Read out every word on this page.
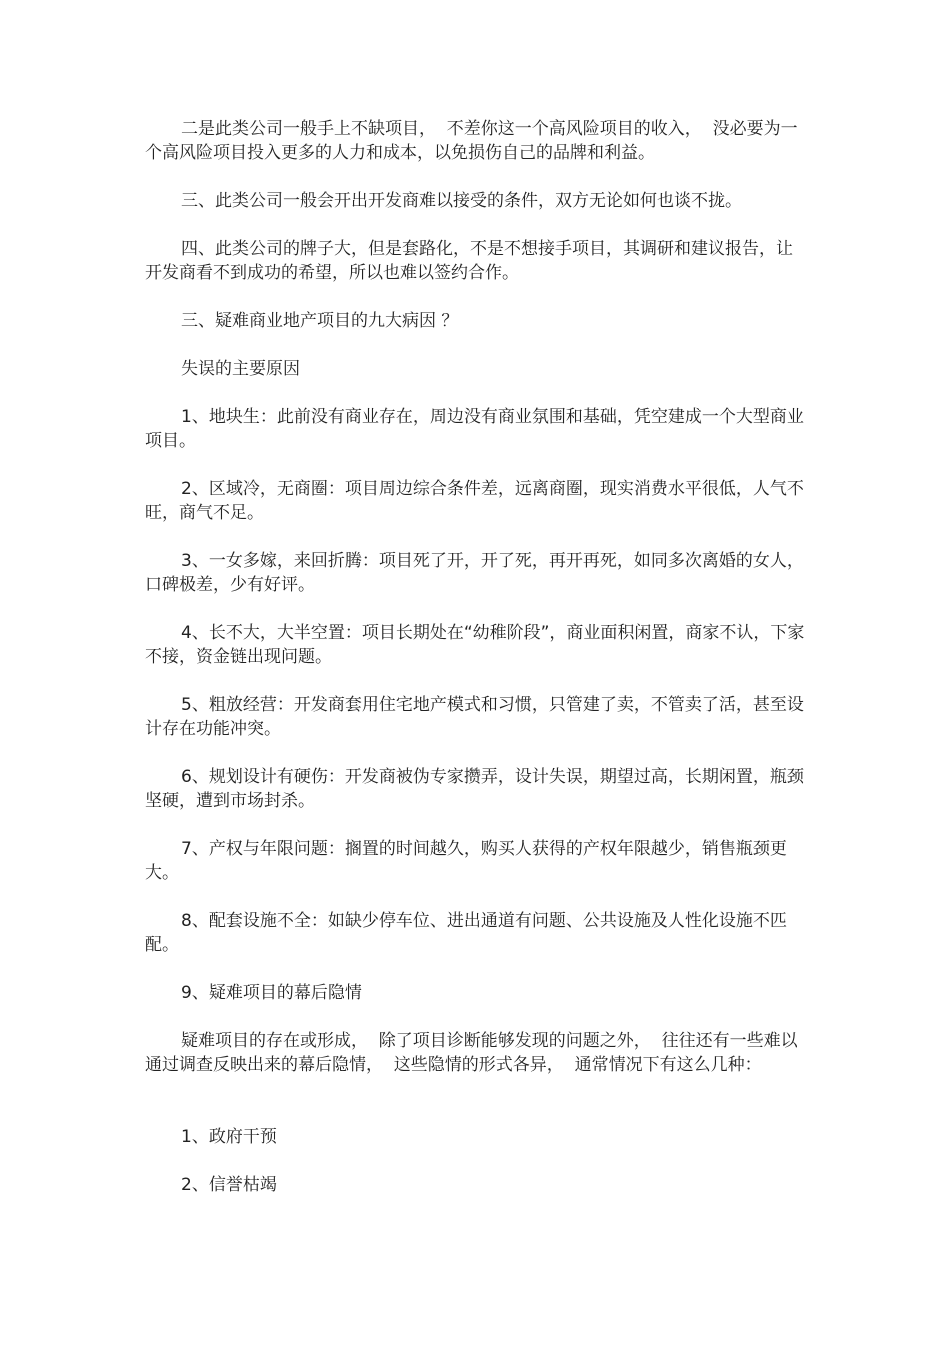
二是此类公司一般手上不缺项目，  不差你这一个高风险项目的收入，  没必要为一个高风险项目投入更多的人力和成本，以免损伤自己的品牌和利益。

三、此类公司一般会开出开发商难以接受的条件，双方无论如何也谈不拢。

四、此类公司的牌子大，但是套路化，不是不想接手项目，其调研和建议报告，让开发商看不到成功的希望，所以也难以签约合作。

三、疑难商业地产项目的九大病因 ？

失误的主要原因

1、地块生：此前没有商业存在，周边没有商业氛围和基础，凭空建成一个大型商业项目。

2、区域冷，无商圈：项目周边综合条件差，远离商圈，现实消费水平很低，人气不旺，商气不足。

3、一女多嫁，来回折腾：项目死了开，开了死，再开再死，如同多次离婚的女人，口碑极差，少有好评。

4、长不大，大半空置：项目长期处在“幼稚阶段”，商业面积闲置，商家不认，下家不接，资金链出现问题。

5、粗放经营：开发商套用住宅地产模式和习惯，只管建了卖，不管卖了活，甚至设计存在功能冲突。

6、规划设计有硬伤：开发商被伪专家攒弄，设计失误，期望过高，长期闲置，瓶颈坚硬，遭到市场封杀。

7、产权与年限问题：搁置的时间越久，购买人获得的产权年限越少，销售瓶颈更大。

8、配套设施不全：如缺少停车位、进出通道有问题、公共设施及人性化设施不匹配。

9、疑难项目的幕后隐情

疑难项目的存在或形成，  除了项目诊断能够发现的问题之外，  往往还有一些难以通过调查反映出来的幕后隐情，  这些隐情的形式各异，  通常情况下有这么几种：

1、政府干预

2、信誉枯竭
